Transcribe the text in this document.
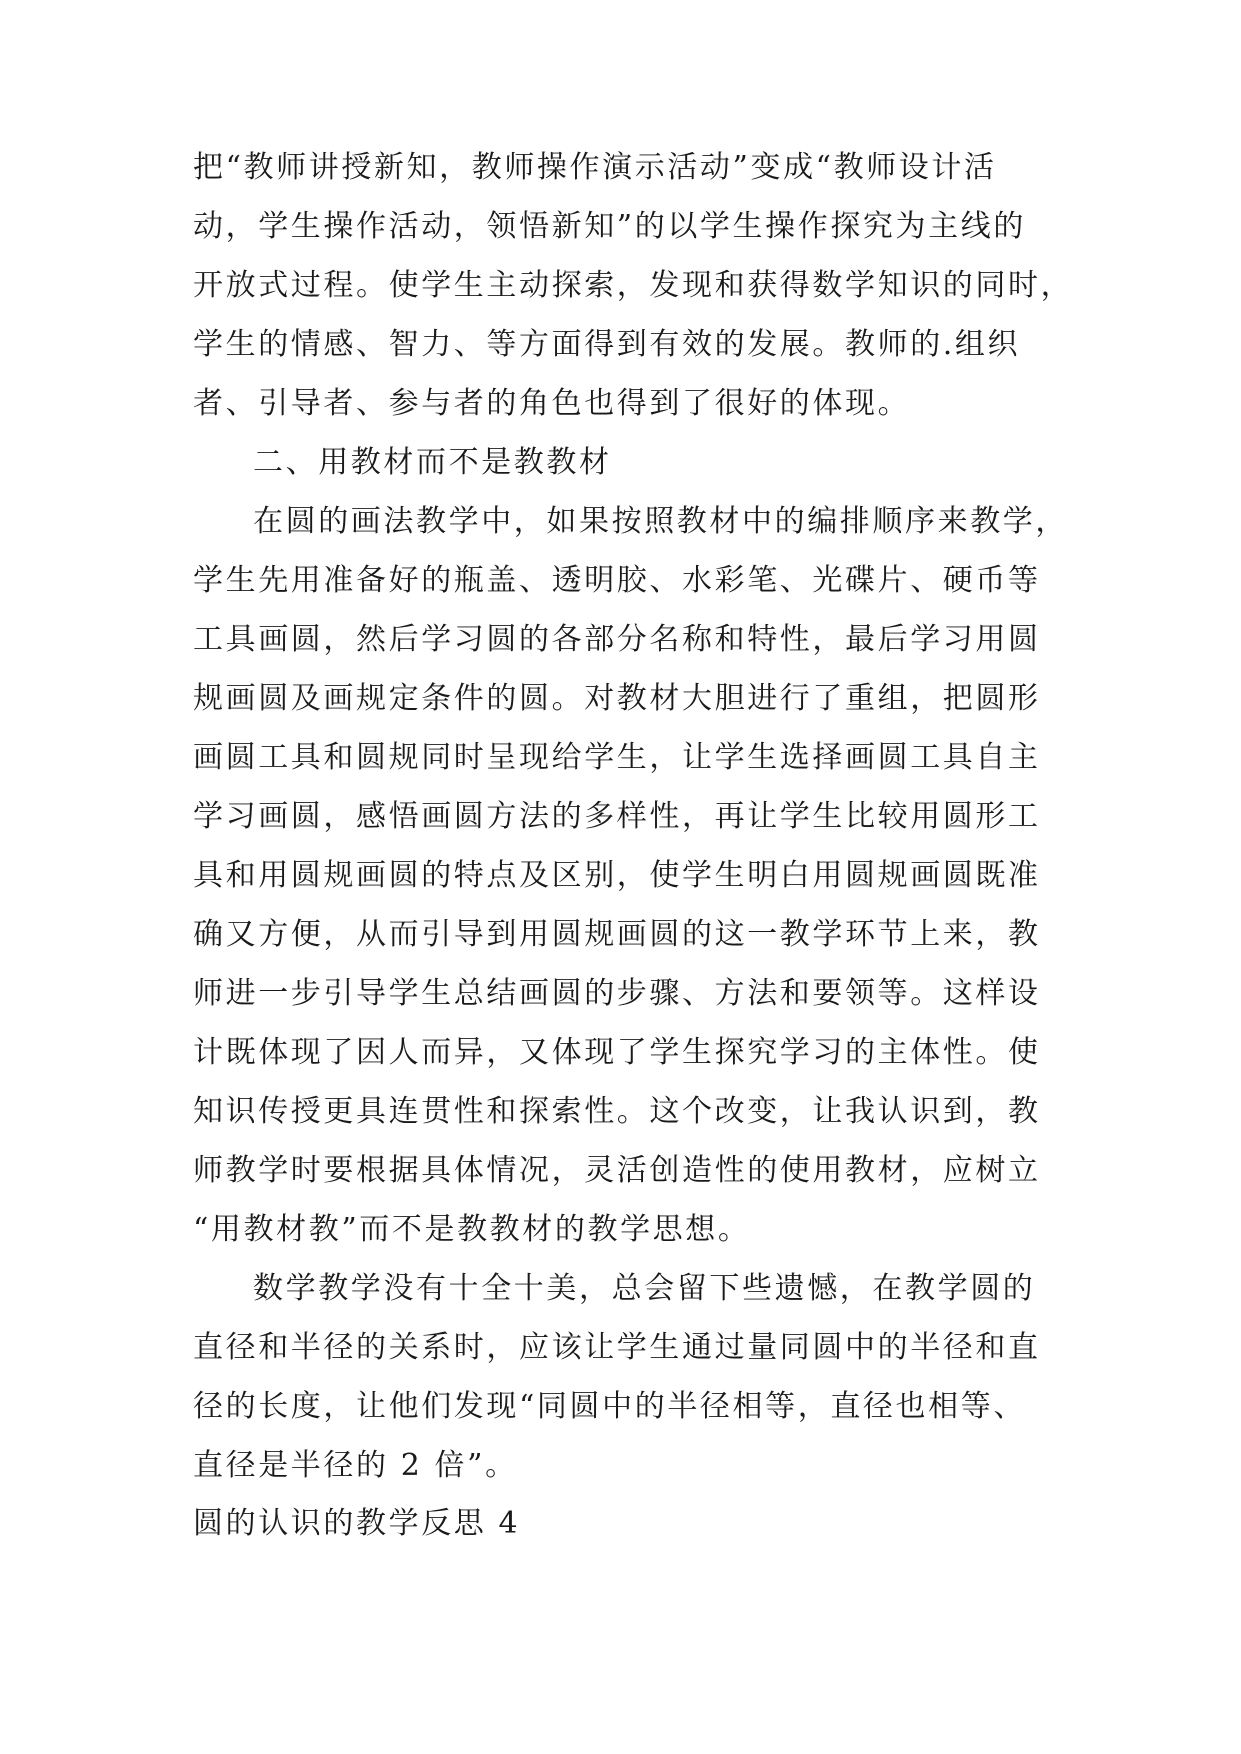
把“教师讲授新知，教师操作演示活动”变成“教师设计活
动，学生操作活动，领悟新知”的以学生操作探究为主线的
开放式过程。使学生主动探索，发现和获得数学知识的同时，
学生的情感、智力、等方面得到有效的发展。教师的.组织
者、引导者、参与者的角色也得到了很好的体现。
二、用教材而不是教教材
在圆的画法教学中，如果按照教材中的编排顺序来教学，
学生先用准备好的瓶盖、透明胶、水彩笔、光碟片、硬币等
工具画圆，然后学习圆的各部分名称和特性，最后学习用圆
规画圆及画规定条件的圆。对教材大胆进行了重组，把圆形
画圆工具和圆规同时呈现给学生，让学生选择画圆工具自主
学习画圆，感悟画圆方法的多样性，再让学生比较用圆形工
具和用圆规画圆的特点及区别，使学生明白用圆规画圆既准
确又方便，从而引导到用圆规画圆的这一教学环节上来，教
师进一步引导学生总结画圆的步骤、方法和要领等。这样设
计既体现了因人而异，又体现了学生探究学习的主体性。使
知识传授更具连贯性和探索性。这个改变，让我认识到，教
师教学时要根据具体情况，灵活创造性的使用教材，应树立
“用教材教”而不是教教材的教学思想。
数学教学没有十全十美，总会留下些遗憾，在教学圆的
直径和半径的关系时，应该让学生通过量同圆中的半径和直
径的长度，让他们发现“同圆中的半径相等，直径也相等、
直径是半径的 2 倍”。
圆的认识的教学反思 4
